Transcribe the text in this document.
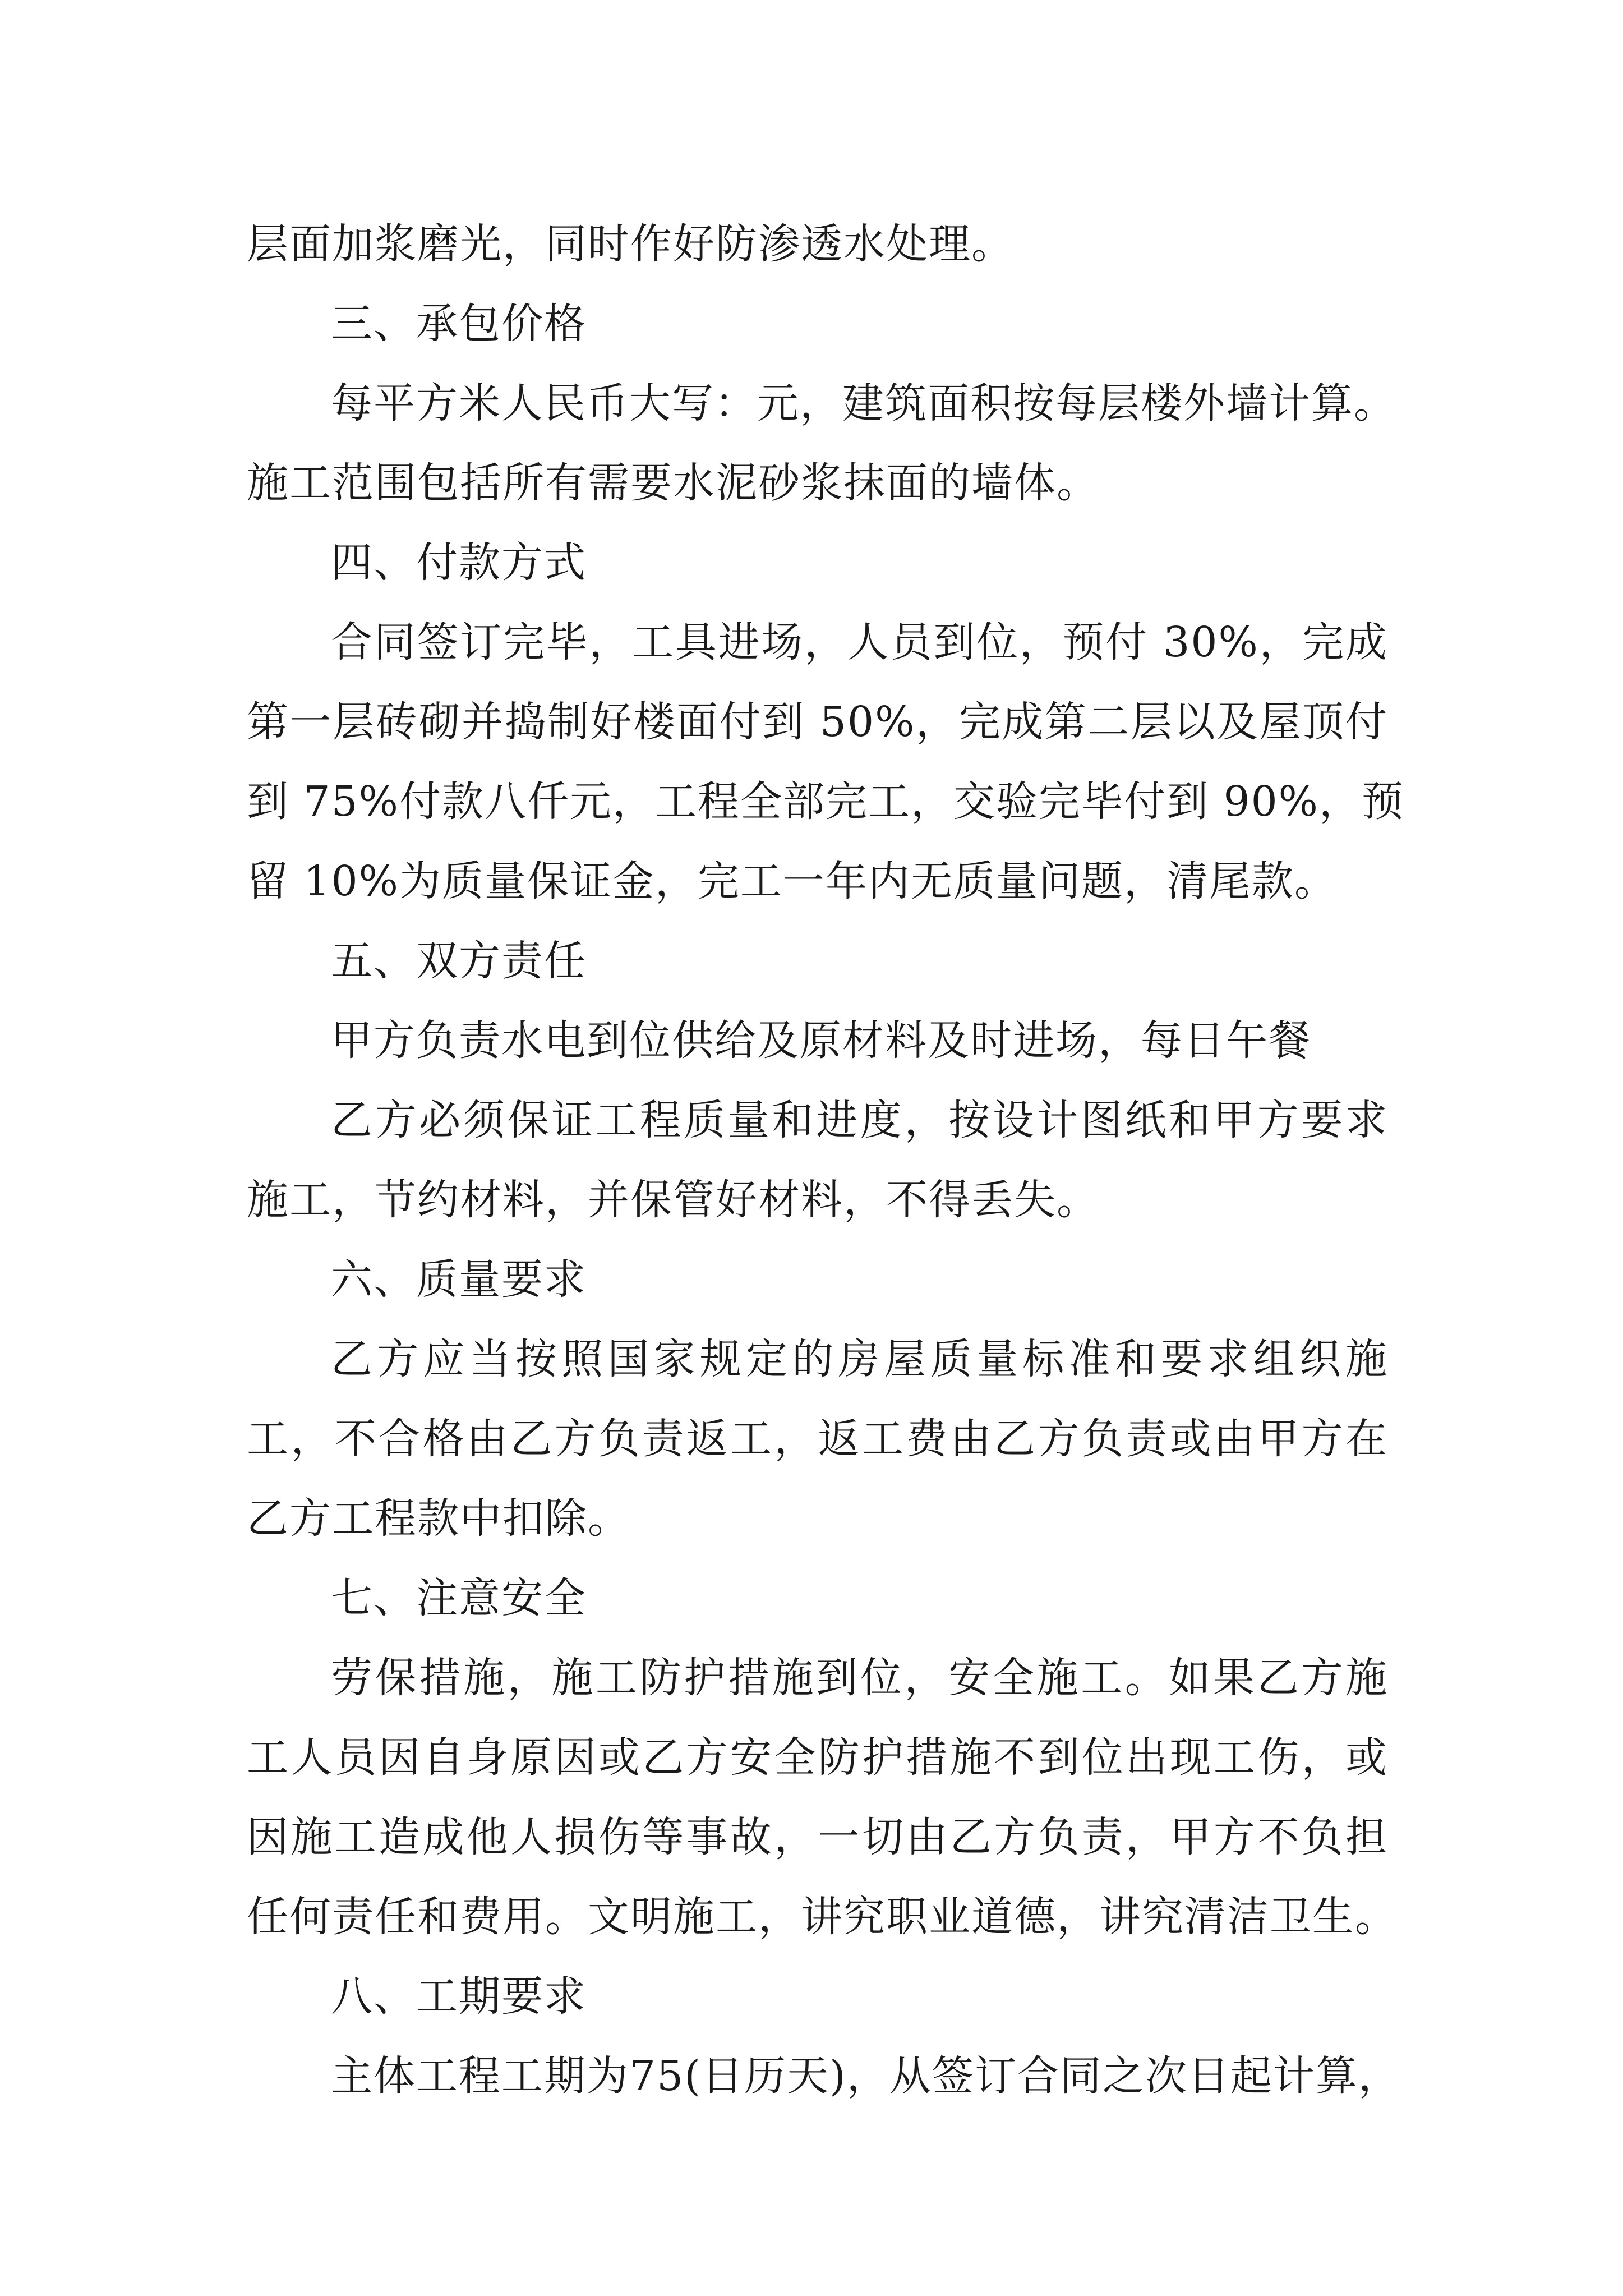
层面加浆磨光，同时作好防渗透水处理。
三、承包价格
每平方米人民币大写：元，建筑面积按每层楼外墙计算。
施工范围包括所有需要水泥砂浆抹面的墙体。
四、付款方式
合同签订完毕，工具进场，人员到位，预付 30%，完成
第一层砖砌并捣制好楼面付到 50%，完成第二层以及屋顶付
到 75%付款八仟元，工程全部完工，交验完毕付到 90%，预
留 10%为质量保证金，完工一年内无质量问题，清尾款。
五、双方责任
甲方负责水电到位供给及原材料及时进场，每日午餐
乙方必须保证工程质量和进度，按设计图纸和甲方要求
施工，节约材料，并保管好材料，不得丢失。
六、质量要求
乙方应当按照国家规定的房屋质量标准和要求组织施
工，不合格由乙方负责返工，返工费由乙方负责或由甲方在
乙方工程款中扣除。
七、注意安全
劳保措施，施工防护措施到位，安全施工。如果乙方施
工人员因自身原因或乙方安全防护措施不到位出现工伤，或
因施工造成他人损伤等事故，一切由乙方负责，甲方不负担
任何责任和费用。文明施工，讲究职业道德，讲究清洁卫生。
八、工期要求
主体工程工期为75(日历天)，从签订合同之次日起计算，
